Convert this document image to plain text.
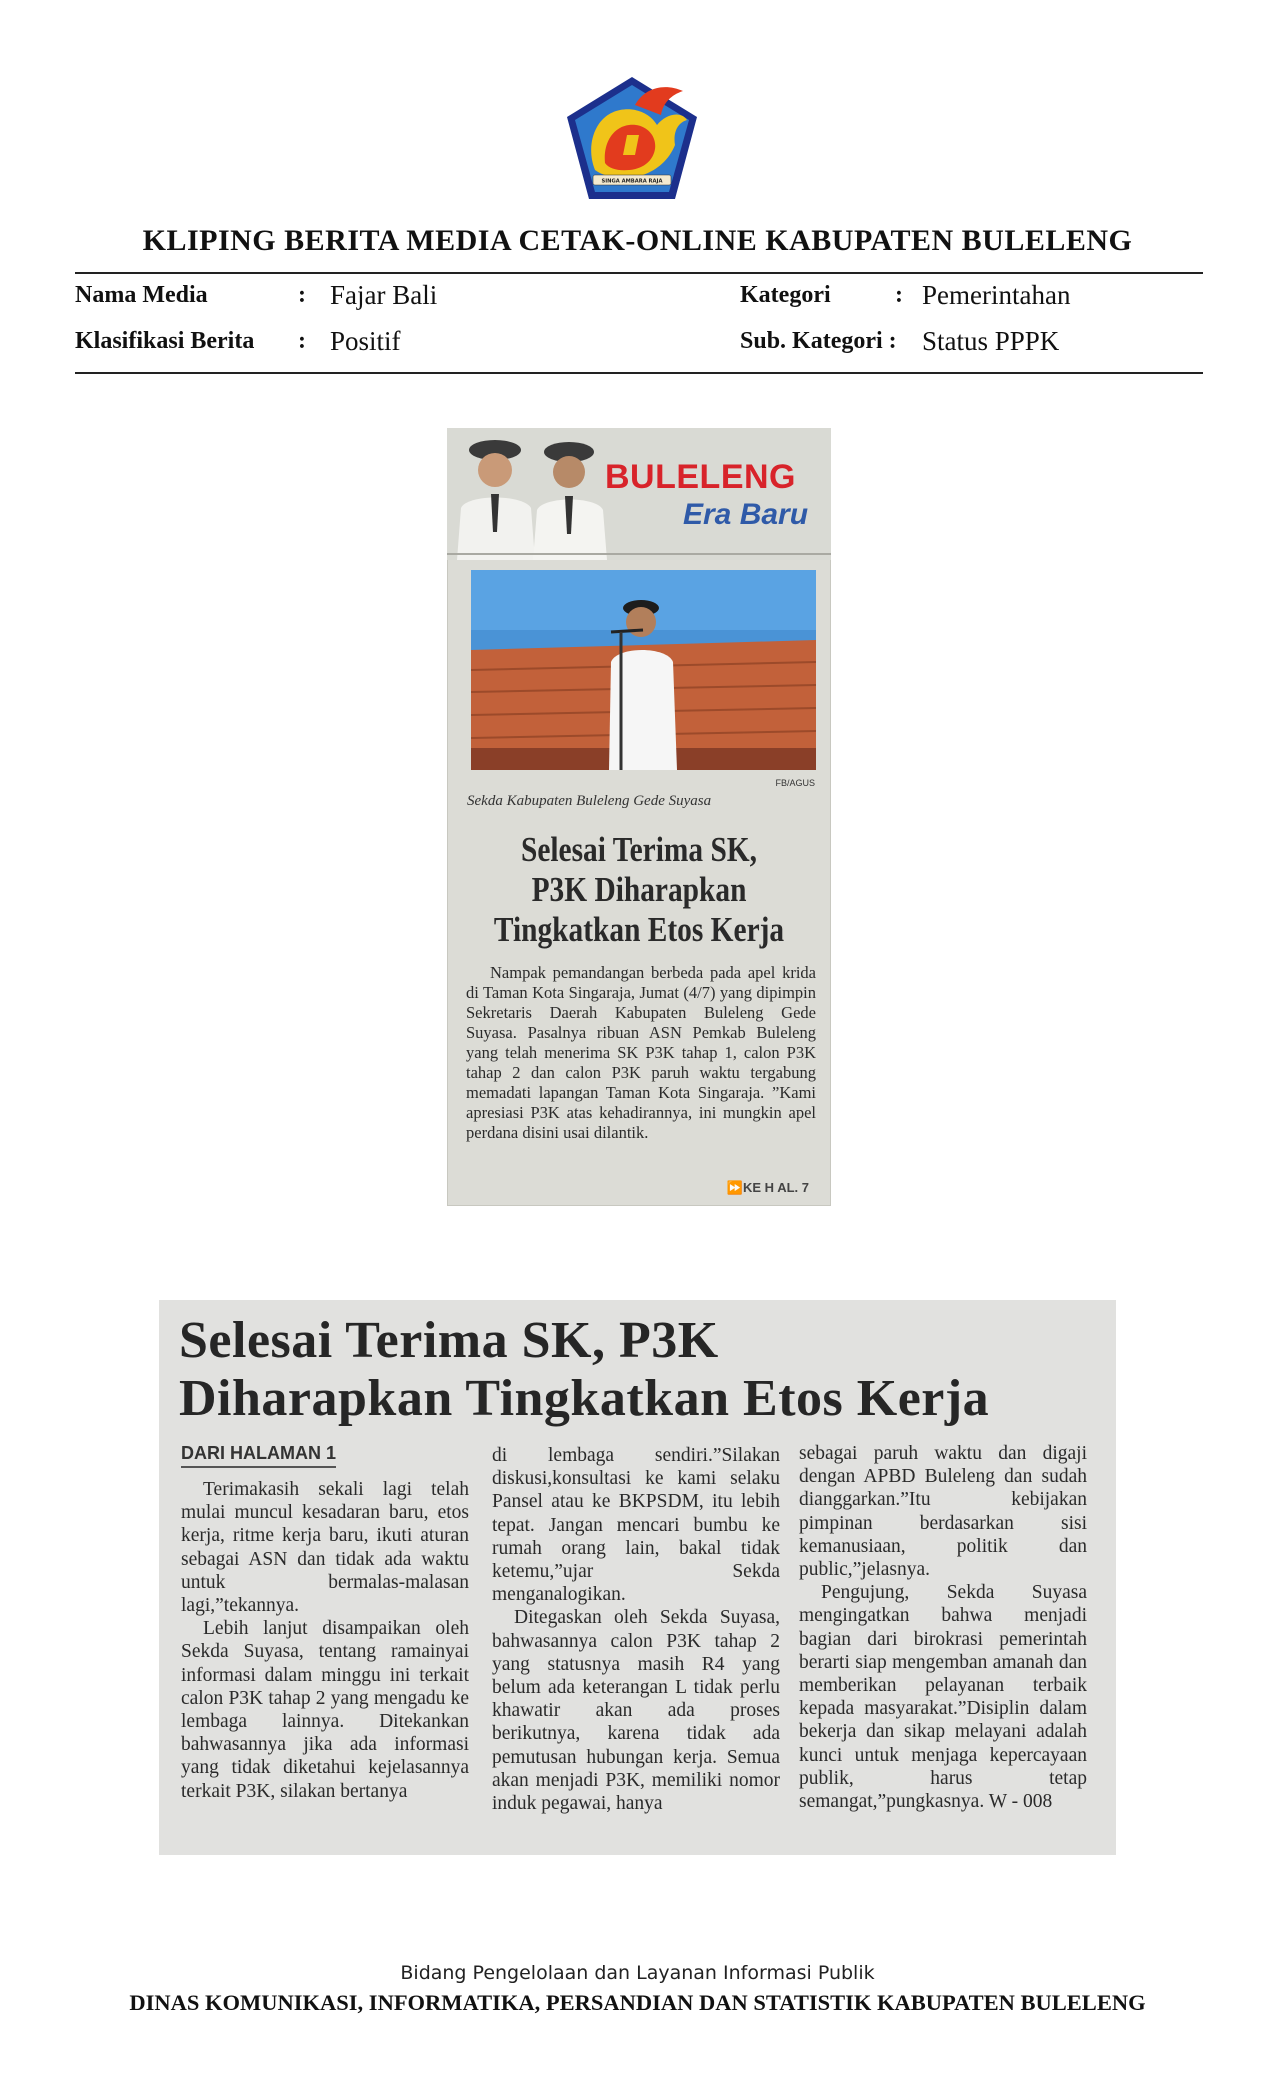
SINGA AMBARA RAJA
KLIPING BERITA MEDIA CETAK-ONLINE KABUPATEN BULELENG
Nama Media	: Fajar Bali
Klasifikasi Berita : Positif
Kategori	: Pemerintahan
Sub. Kategori : Status PPPK
BULELENG
Era Baru
FB/AGUS
Sekda Kabupaten Buleleng Gede Suyasa
Selesai Terima SK,
P3K Diharapkan
Tingkatkan Etos Kerja
Nampak pemandangan berbeda pada apel krida di Taman Kota Singaraja, Jumat (4/7) yang dipimpin Sekretaris Daerah Kabupaten Buleleng Gede Suyasa. Pasalnya ribuan ASN Pemkab Buleleng yang telah menerima SK P3K tahap 1, calon P3K tahap 2 dan calon P3K paruh waktu tergabung memadati lapangan Taman Kota Singaraja. ”Kami apresiasi P3K atas kehadirannya, ini mungkin apel perdana disini usai dilantik.
⏩KE H AL. 7
Selesai Terima SK, P3K
Diharapkan Tingkatkan Etos Kerja
DARI HALAMAN 1

Terimakasih sekali lagi telah mulai muncul kesadaran baru, etos kerja, ritme kerja baru, ikuti aturan sebagai ASN dan tidak ada waktu untuk bermalas-malasan lagi,”tekannya.

Lebih lanjut disampaikan oleh Sekda Suyasa, tentang ramainyai informasi dalam minggu ini terkait calon P3K tahap 2 yang mengadu ke lembaga lainnya. Ditekankan bahwasannya jika ada informasi yang tidak diketahui kejelasannya terkait P3K, silakan bertanya

di lembaga sendiri.”Silakan diskusi,konsultasi ke kami selaku Pansel atau ke BKPSDM, itu lebih tepat. Jangan mencari bumbu ke rumah orang lain, bakal tidak ketemu,”ujar Sekda menganalogikan.

Ditegaskan oleh Sekda Suyasa, bahwasannya calon P3K tahap 2 yang statusnya masih R4 yang belum ada keterangan L tidak perlu khawatir akan ada proses berikutnya, karena tidak ada pemutusan hubungan kerja. Semua akan menjadi P3K, memiliki nomor induk pegawai, hanya

sebagai paruh waktu dan digaji dengan APBD Buleleng dan sudah dianggarkan.”Itu kebijakan pimpinan berdasarkan sisi kemanusiaan, politik dan public,”jelasnya.

Pengujung, Sekda Suyasa mengingatkan bahwa menjadi bagian dari birokrasi pemerintah berarti siap mengemban amanah dan memberikan pelayanan terbaik kepada masyarakat.”Disiplin dalam bekerja dan sikap melayani adalah kunci untuk menjaga kepercayaan publik, harus tetap semangat,”pungkasnya. W - 008

Bidang Pengelolaan dan Layanan Informasi Publik
DINAS KOMUNIKASI, INFORMATIKA, PERSANDIAN DAN STATISTIK KABUPATEN BULELENG
